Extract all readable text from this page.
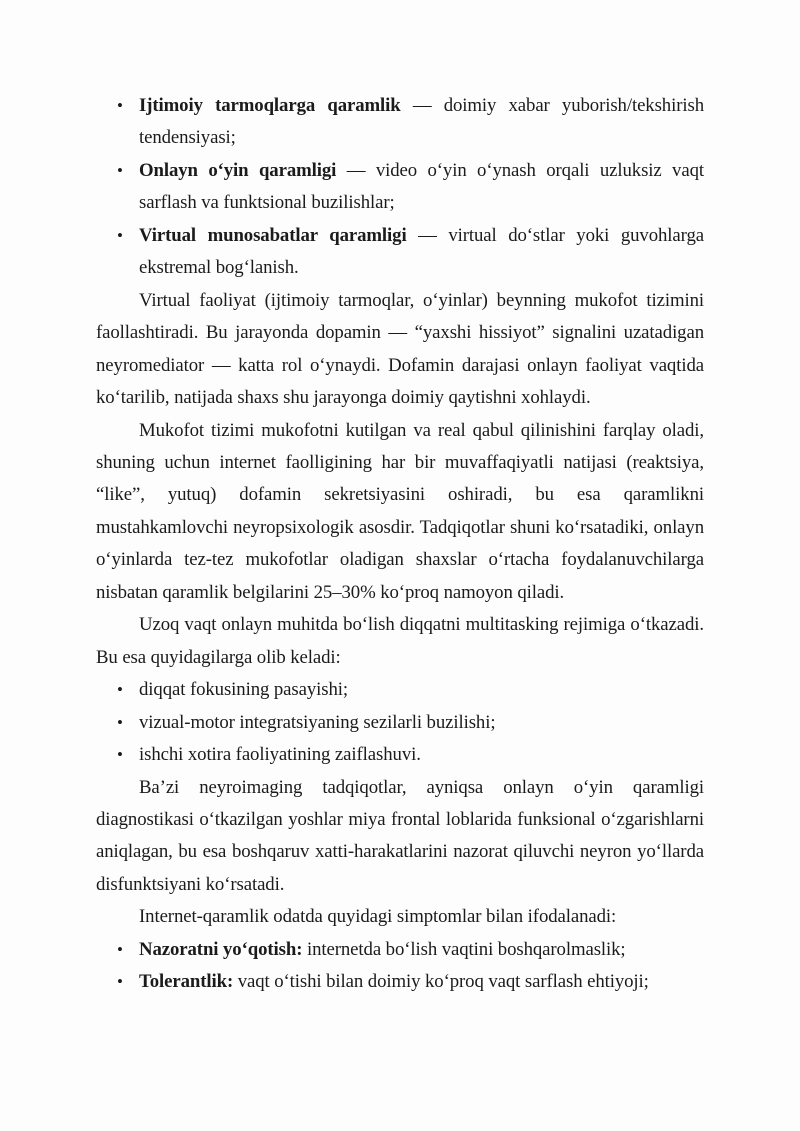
• Ijtimoiy tarmoqlarga qaramlik — doimiy xabar yuborish/tekshirish tendensiyasi;
• Onlayn o‘yin qaramligi — video o‘yin o‘ynash orqali uzluksiz vaqt sarflash va funktsional buzilishlar;
• Virtual munosabatlar qaramligi — virtual do‘stlar yoki guvohlarga ekstremal bog‘lanish.

Virtual faoliyat (ijtimoiy tarmoqlar, o‘yinlar) beynning mukofot tizimini faollashtiradi. Bu jarayonda dopamin — “yaxshi hissiyot” signalini uzatadigan neyromediator — katta rol o‘ynaydi. Dofamin darajasi onlayn faoliyat vaqtida ko‘tarilib, natijada shaxs shu jarayonga doimiy qaytishni xohlaydi.

Mukofot tizimi mukofotni kutilgan va real qabul qilinishini farqlay oladi, shuning uchun internet faolligining har bir muvaffaqiyatli natijasi (reaktsiya, “like”, yutuq) dofamin sekretsiyasini oshiradi, bu esa qaramlikni mustahkamlovchi neyropsixologik asosdir. Tadqiqotlar shuni ko‘rsatadiki, onlayn o‘yinlarda tez-tez mukofotlar oladigan shaxslar o‘rtacha foydalanuvchilarga nisbatan qaramlik belgilarini 25–30% ko‘proq namoyon qiladi.

Uzoq vaqt onlayn muhitda bo‘lish diqqatni multitasking rejimiga o‘tkazadi. Bu esa quyidagilarga olib keladi:

• diqqat fokusining pasayishi;
• vizual-motor integratsiyaning sezilarli buzilishi;
• ishchi xotira faoliyatining zaiflashuvi.

Ba’zi neyroimaging tadqiqotlar, ayniqsa onlayn o‘yin qaramligi diagnostikasi o‘tkazilgan yoshlar miya frontal loblarida funksional o‘zgarishlarni aniqlagan, bu esa boshqaruv xatti-harakatlarini nazorat qiluvchi neyron yo‘llarda disfunktsiyani ko‘rsatadi.

Internet-qaramlik odatda quyidagi simptomlar bilan ifodalanadi:

• Nazoratni yo‘qotish: internetda bo‘lish vaqtini boshqarolmaslik;
• Tolerantlik: vaqt o‘tishi bilan doimiy ko‘proq vaqt sarflash ehtiyoji;
